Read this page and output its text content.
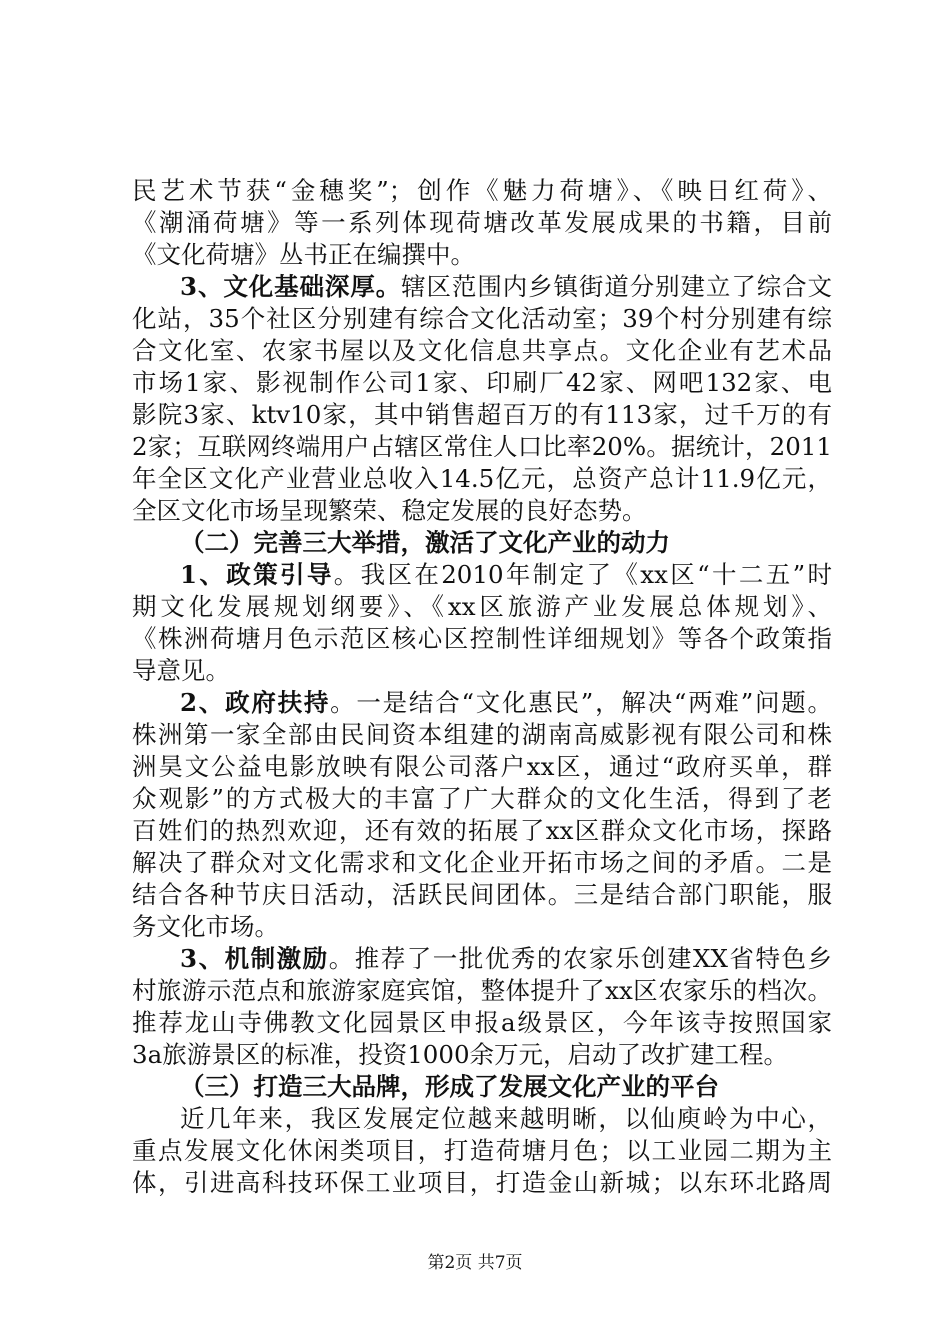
民艺术节获“金穗奖”；创作《魅力荷塘》、《映日红荷》、
《潮涌荷塘》等一系列体现荷塘改革发展成果的书籍，目前
《文化荷塘》丛书正在编撰中。
3、文化基础深厚。辖区范围内乡镇街道分别建立了综合文
化站，35个社区分别建有综合文化活动室；39个村分别建有综
合文化室、农家书屋以及文化信息共享点。文化企业有艺术品
市场1家、影视制作公司1家、印刷厂42家、网吧132家、电
影院3家、ktv10家，其中销售超百万的有113家，过千万的有
2家；互联网终端用户占辖区常住人口比率20%。据统计，2011
年全区文化产业营业总收入14.5亿元，总资产总计11.9亿元，
全区文化市场呈现繁荣、稳定发展的良好态势。
（二）完善三大举措，激活了文化产业的动力
1、政策引导。我区在2010年制定了《xx区“十二五”时
期文化发展规划纲要》、《xx区旅游产业发展总体规划》、
《株洲荷塘月色示范区核心区控制性详细规划》等各个政策指
导意见。
2、政府扶持。一是结合“文化惠民”，解决“两难”问题。
株洲第一家全部由民间资本组建的湖南高威影视有限公司和株
洲昊文公益电影放映有限公司落户xx区，通过“政府买单，群
众观影”的方式极大的丰富了广大群众的文化生活，得到了老
百姓们的热烈欢迎，还有效的拓展了xx区群众文化市场，探路
解决了群众对文化需求和文化企业开拓市场之间的矛盾。二是
结合各种节庆日活动，活跃民间团体。三是结合部门职能，服
务文化市场。
3、机制激励。推荐了一批优秀的农家乐创建XX省特色乡
村旅游示范点和旅游家庭宾馆，整体提升了xx区农家乐的档次。
推荐龙山寺佛教文化园景区申报a级景区，今年该寺按照国家
3a旅游景区的标准，投资1000余万元，启动了改扩建工程。
（三）打造三大品牌，形成了发展文化产业的平台
近几年来，我区发展定位越来越明晰，以仙庾岭为中心，
重点发展文化休闲类项目，打造荷塘月色；以工业园二期为主
体，引进高科技环保工业项目，打造金山新城；以东环北路周
第2页 共7页
